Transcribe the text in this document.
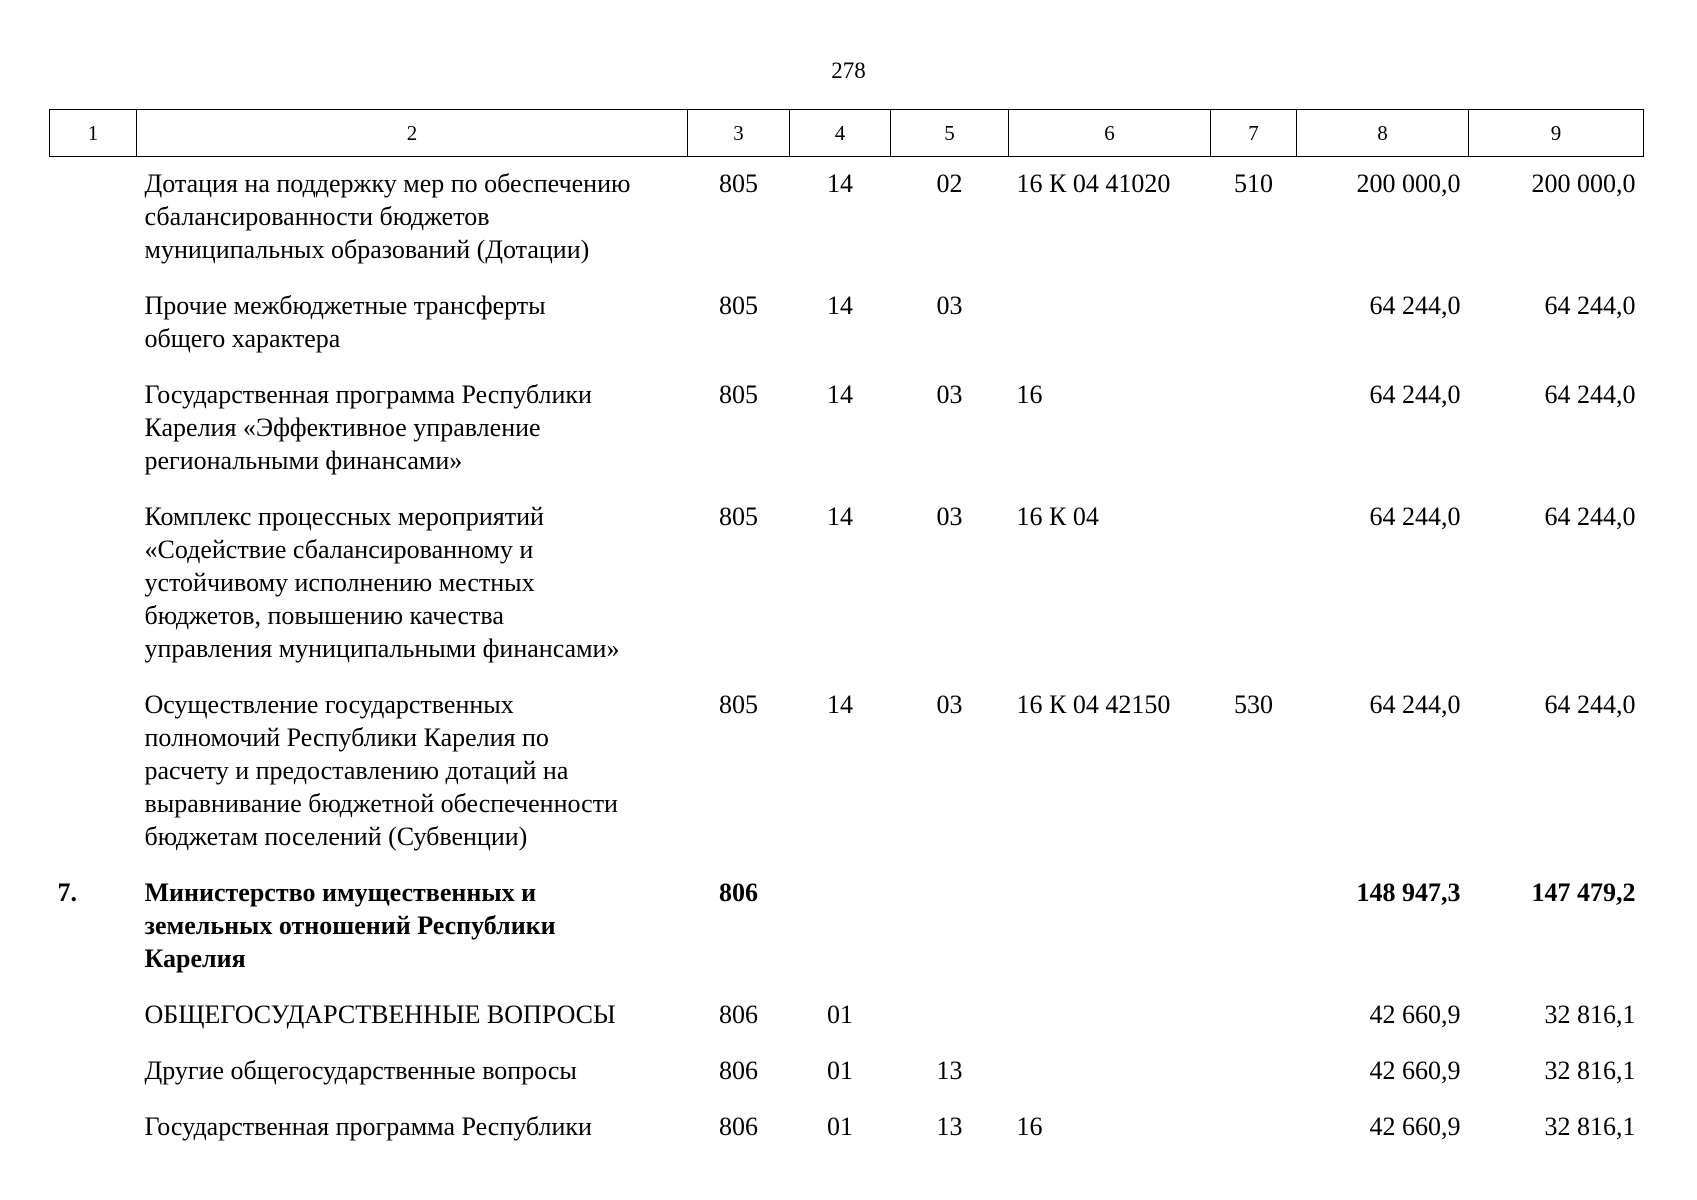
278
1	2	3	4	5	6	7	8	9

	Дотация на поддержку мер по обеспечению
сбалансированности бюджетов
муниципальных образований (Дотации)	805	14	02	16 К 04 41020	510	200 000,0	200 000,0

	Прочие межбюджетные трансферты
общего характера	805	14	03			64 244,0	64 244,0

	Государственная программа Республики
Карелия «Эффективное управление
региональными финансами»	805	14	03	16		64 244,0	64 244,0

	Комплекс процессных мероприятий
«Содействие сбалансированному и
устойчивому исполнению местных
бюджетов, повышению качества
управления муниципальными финансами»	805	14	03	16 К 04		64 244,0	64 244,0

	Осуществление государственных
полномочий Республики Карелия по
расчету и предоставлению дотаций на
выравнивание бюджетной обеспеченности
бюджетам поселений (Субвенции)	805	14	03	16 К 04 42150	530	64 244,0	64 244,0
7.	Министерство имущественных и
земельных отношений Республики
Карелия	806					148 947,3	147 479,2

	ОБЩЕГОСУДАРСТВЕННЫЕ ВОПРОСЫ	806	01				42 660,9	32 816,1

	Другие общегосударственные вопросы	806	01	13			42 660,9	32 816,1

	Государственная программа Республики	806	01	13	16		42 660,9	32 816,1
